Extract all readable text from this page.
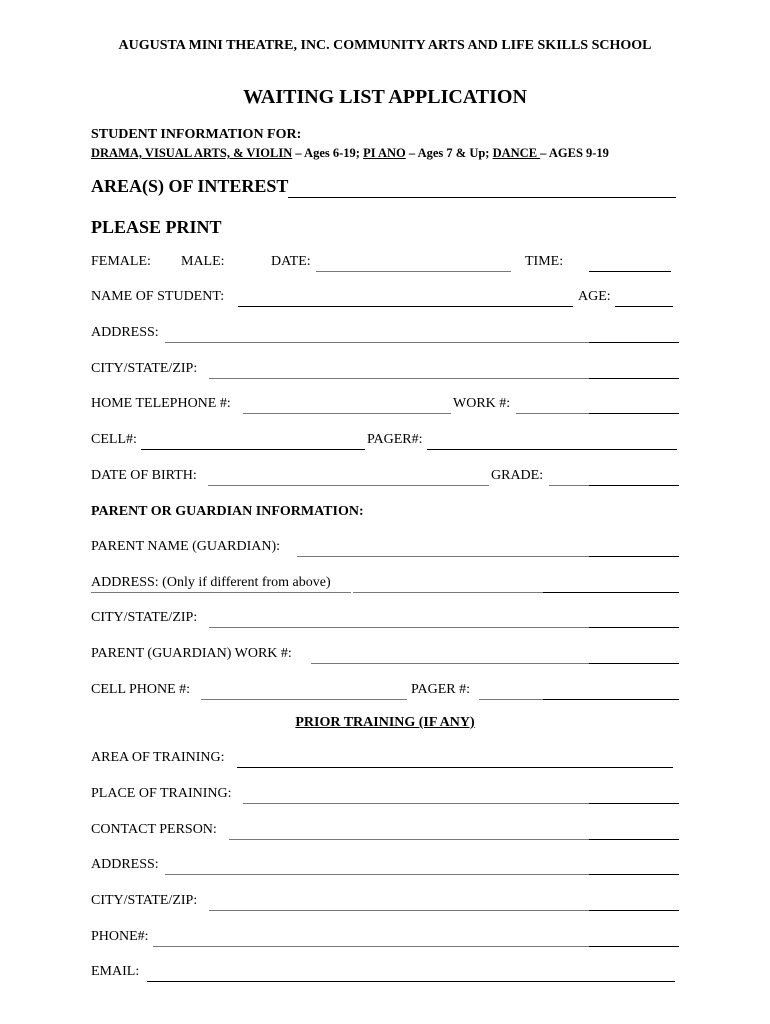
AUGUSTA MINI THEATRE, INC. COMMUNITY ARTS AND LIFE SKILLS SCHOOL
WAITING LIST APPLICATION
STUDENT INFORMATION FOR:
DRAMA, VISUAL ARTS, & VIOLIN – Ages 6-19; PI ANO – Ages 7 & Up; DANCE – AGES 9-19
AREA(S) OF INTEREST
PLEASE PRINT
FEMALE: MALE:	DATE:	TIME:
NAME OF STUDENT:	AGE:
ADDRESS:
CITY/STATE/ZIP:
HOME TELEPHONE #:	WORK #:
CELL#:	PAGER#:
DATE OF BIRTH:	GRADE:
PARENT OR GUARDIAN INFORMATION:
PARENT NAME (GUARDIAN):
ADDRESS: (Only if different from above)
CITY/STATE/ZIP:
PARENT (GUARDIAN) WORK #:
CELL PHONE #:	PAGER #:
PRIOR TRAINING (IF ANY)
AREA OF TRAINING:
PLACE OF TRAINING:
CONTACT PERSON:
ADDRESS:
CITY/STATE/ZIP:
PHONE#:
EMAIL:
